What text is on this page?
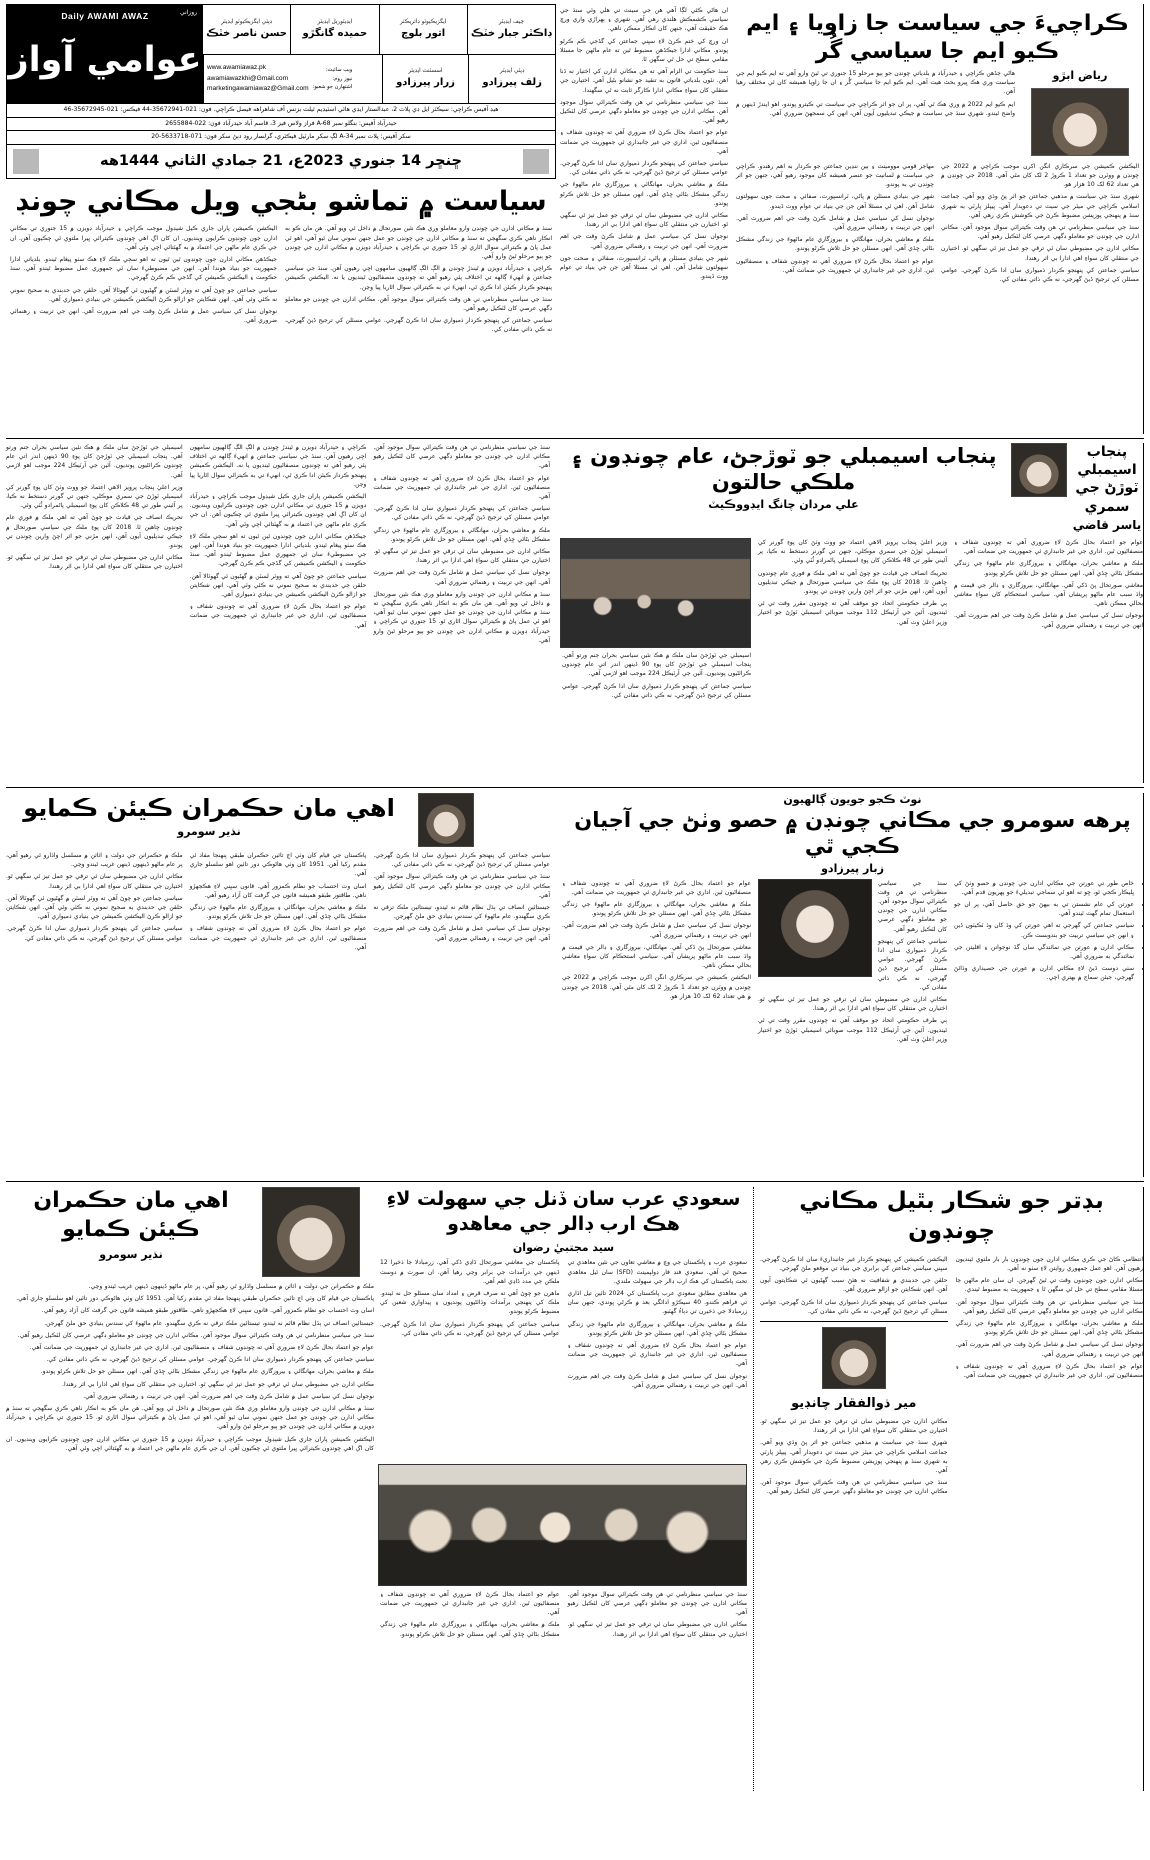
ان هاڻي ڪٿي لڳا آهي هن جي سينٽ تي هلي وئي سنڌ جي سياسي ڪشمڪش هلندي رهي آهي. شهري ۽ ٻهراڙي واري ورڇ هڪ حقيقت آهي، جنهن کان انڪار ممڪن ناهي.

ان ورڇ کي ختم ڪرڻ لاءِ سڀني جماعتن کي گڏجي ڪم ڪرڻو پوندو. مڪاني ادارا جيڪڏهن مضبوط ٿين ته عام ماڻهن جا مسئلا مقامي سطح تي حل ٿي سگهن ٿا.

سنڌ حڪومت تي الزام آهي ته هن مڪاني ادارن کي اختيار نه ڏنا آهن. نئون بلدياتي قانون به تنقيد جو نشانو بڻيل آهي. اختيارن جي منتقلي کان سواءِ مڪاني ادارا ڪارگر ثابت نه ٿي سگهندا.

سنڌ جي سياسي منظرنامي تي هن وقت ڪيترائي سوال موجود آهن. مڪاني ادارن جي چونڊن جو معاملو ڊگهي عرصي کان لٽڪيل رهيو آهي.

عوام جو اعتماد بحال ڪرڻ لاءِ ضروري آهي ته چونڊون شفاف ۽ منصفاڻيون ٿين. اداري جي غير جانبداري ئي جمهوريت جي ضمانت آهي.

سياسي جماعتن کي پنهنجو ڪردار ذميواري سان ادا ڪرڻ گهرجي. عوامي مسئلن کي ترجيح ڏيڻ گهرجي، نه ڪي ذاتي مفادن کي.

ملڪ ۾ معاشي بحران، مهانگائي ۽ بيروزگاري عام ماڻهوءَ جي زندگي مشڪل بڻائي ڇڏي آهي. انهن مسئلن جو حل تلاش ڪرڻو پوندو.

مڪاني ادارن جي مضبوطي سان ئي ترقي جو عمل تيز ٿي سگهي ٿو. اختيارن جي منتقلي کان سواءِ اهي ادارا بي اثر رهندا.

نوجوان نسل کي سياسي عمل ۾ شامل ڪرڻ وقت جي اهم ضرورت آهي. انهن جي تربيت ۽ رهنمائي ضروري آهي.

شهر جي بنيادي مسئلن ۾ پاڻي، ٽرانسپورٽ، صفائي ۽ صحت جون سهولتون شامل آهن. اهي ئي مسئلا آهن جن جي بنياد تي عوام ووٽ ڏيندو.

ڪراچيءَ جي سياست جا زاويا ۽ ايم ڪيو ايم جا سياسي گُر
رياض ابڙو

هاڻي جڏهن ڪراچي ۽ حيدرآباد ۾ بلدياتي چونڊن جو ٻيو مرحلو 15 جنوري تي ٿيڻ وارو آهي ته ايم ڪيو ايم جي سياست وري هڪ ڀيرو بحث هيٺ آهي. ايم ڪيو ايم جا سياسي گُر ۽ ان جا زاويا هميشه کان ئي مختلف رهيا آهن.

ايم ڪيو ايم 2022 ۾ وري هڪ ٿي آهي، پر ان جو اثر ڪراچي جي سياست تي ڪيترو پوندو، اهو ايندڙ ڏينهن ۾ واضح ٿيندو. شهري سنڌ جي سياست ۾ جيڪي تبديليون آيون آهن، انهن کي سمجهڻ ضروري آهي.

اليڪشن ڪميشن جي سرڪاري انگن اکرن موجب ڪراچي ۾ 2022 جي چونڊن ۾ ووٽرن جو تعداد 1 ڪروڙ 2 لک کان مٿي آهي. 2018 جي چونڊن ۾ هي تعداد 62 لک 10 هزار هو.

شهري سنڌ جي سياست ۾ مذهبي جماعتن جو اثر پڻ وڌي ويو آهي. جماعت اسلامي ڪراچي جي ميئر جي سيٽ تي دعويدار آهي. پيپلز پارٽي به شهري سنڌ ۾ پنهنجي پوزيشن مضبوط ڪرڻ جي ڪوشش ڪري رهي آهي.

سنڌ جي سياسي منظرنامي تي هن وقت ڪيترائي سوال موجود آهن. مڪاني ادارن جي چونڊن جو معاملو ڊگهي عرصي کان لٽڪيل رهيو آهي.

مڪاني ادارن جي مضبوطي سان ئي ترقي جو عمل تيز ٿي سگهي ٿو. اختيارن جي منتقلي کان سواءِ اهي ادارا بي اثر رهندا.

سياسي جماعتن کي پنهنجو ڪردار ذميواري سان ادا ڪرڻ گهرجي. عوامي مسئلن کي ترجيح ڏيڻ گهرجي، نه ڪي ذاتي مفادن کي.

مهاجر قومي موومينٽ ۽ ٻين ننڍين جماعتن جو ڪردار به اهم رهندو. ڪراچي جي سياست ۾ لسانيت جو عنصر هميشه کان موجود رهيو آهي، جنهن جو اثر چونڊن تي به پوندو.

شهر جي بنيادي مسئلن ۾ پاڻي، ٽرانسپورٽ، صفائي ۽ صحت جون سهولتون شامل آهن. اهي ئي مسئلا آهن جن جي بنياد تي عوام ووٽ ڏيندو.

نوجوان نسل کي سياسي عمل ۾ شامل ڪرڻ وقت جي اهم ضرورت آهي. انهن جي تربيت ۽ رهنمائي ضروري آهي.

ملڪ ۾ معاشي بحران، مهانگائي ۽ بيروزگاري عام ماڻهوءَ جي زندگي مشڪل بڻائي ڇڏي آهي. انهن مسئلن جو حل تلاش ڪرڻو پوندو.

عوام جو اعتماد بحال ڪرڻ لاءِ ضروري آهي ته چونڊون شفاف ۽ منصفاڻيون ٿين. اداري جي غير جانبداري ئي جمهوريت جي ضمانت آهي.

چيف ايڊيٽر
ڊاڪٽر جبار خٽڪ
ايگزيڪيوٽو ڊائريڪٽر
اتور بلوچ
ايڊيٽوريل ايڊيٽر
حميده گانگڙو
ڊپٽي ايگزيڪيوٽو ايڊيٽر
حسن ناصر خٽڪ
ڊپٽي ايڊيٽر
زلف پيرزادو
اسسٽنٽ ايڊيٽر
زرار پيرزادو
ويب سائيٽ:
نيوز روم:
اشتهارن جو شعبو:
www.awamiawaz.pk
awamiawazkhi@Gmail.com
marketingawamiawaz@Gmail.com
Daily AWAMI AWAZ	روزاني
عوامي آواز
هيڊ آفيس ڪراچي: سيڪٽر ايل ڊي پلاٽ 2، عبدالستار ايڊي هائي اسٽيڊيم ٿيلٽ بزنس آف شاهراهه فيصل ڪراچي. فون: 021-35672941-44 فيڪس: 021-35672945-46
حيدرآباد آفيس: بنگلو نمبر A-68 فراز ولاس فيز 3، قاسم آباد حيدرآباد فون: 022-2655884
سکر آفيس: پلاٽ نمبر A-34 لڳ سکر مارٽيل فيڪٽري، گرلسار روڊ دٻڻ سکر فون: 071-5633718-20
ڇنڇر 14 جنوري 2023ع، 21 جمادي الثاني 1444هه
سياست ۾ تماشو بڻجي ويل مڪاني چونڊ

سنڌ ۾ مڪاني ادارن جي چونڊن وارو معاملو وري هڪ نئين صورتحال ۾ داخل ٿي ويو آهي. هن مان ڪو به انڪار ناهي ڪري سگهجي ته سنڌ ۾ مڪاني ادارن جي چونڊن جو عمل جنهن نموني سان ٿيو آهي، اهو ئي عمل پاڻ ۾ ڪيترائي سوال اٿاري ٿو. 15 جنوري تي ڪراچي ۽ حيدرآباد ڊويزن ۾ مڪاني ادارن جي چونڊن جو ٻيو مرحلو ٿيڻ وارو آهي.

ڪراچي ۽ حيدرآباد ڊويزن ۾ ٿيندڙ چونڊن ۾ الڳ الڳ ڳالهيون سامهون اچي رهيون آهن. سنڌ جي سياسي جماعتن ۾ انهيءَ ڳالهه تي اختلاف پئي رهيو آهي ته چونڊون منصفاڻيون ٿينديون يا نه. اليڪشن ڪميشن پنهنجو ڪردار ڪيئن ادا ڪري ٿي، انهيءَ تي به ڪيترائي سوال اٿاريا پيا وڃن.

سنڌ جي سياسي منظرنامي تي هن وقت ڪيترائي سوال موجود آهن. مڪاني ادارن جي چونڊن جو معاملو ڊگهي عرصي کان لٽڪيل رهيو آهي.

سياسي جماعتن کي پنهنجو ڪردار ذميواري سان ادا ڪرڻ گهرجي. عوامي مسئلن کي ترجيح ڏيڻ گهرجي، نه ڪي ذاتي مفادن کي.

اليڪشن ڪميشن پاران جاري ڪيل شيڊول موجب ڪراچي ۽ حيدرآباد ڊويزن ۾ 15 جنوري تي مڪاني ادارن جون چونڊون ڪرايون وينديون. ان کان اڳ اهي چونڊون ڪيترائي ڀيرا ملتوي ٿي چڪيون آهن. ان جي ڪري عام ماڻهن جي اعتماد ۾ به گهٽتائي اچي وئي آهي.

جيڪڏهن مڪاني ادارن جون چونڊون ٿين ٿيون ته اهو سڄي ملڪ لاءِ هڪ سٺو پيغام ٿيندو. بلدياتي ادارا جمهوريت جو بنياد هوندا آهن. انهن جي مضبوطيءَ سان ئي جمهوري عمل مضبوط ٿيندو آهي. سنڌ حڪومت ۽ اليڪشن ڪميشن کي گڏجي ڪم ڪرڻ گهرجي.

سياسي جماعتن جو چوڻ آهي ته ووٽر لسٽن ۾ گهڻيون ئي گهوٽالا آهن. حلقن جي حدبندي به صحيح نموني نه ڪئي وئي آهي. انهن شڪايتن جو ازالو ڪرڻ اليڪشن ڪميشن جي بنيادي ذميواري آهي.

نوجوان نسل کي سياسي عمل ۾ شامل ڪرڻ وقت جي اهم ضرورت آهي. انهن جي تربيت ۽ رهنمائي ضروري آهي.

پنجاب اسيمبلي ٽوڙڻ جي سمري
ياسر قاضي
پنجاب اسيمبلي جو ٽوڙجڻ، عام چونڊون ۽ ملڪي حالتون
علي مردان چانگ ايڊووڪيٽ

عوام جو اعتماد بحال ڪرڻ لاءِ ضروري آهي ته چونڊون شفاف ۽ منصفاڻيون ٿين. اداري جي غير جانبداري ئي جمهوريت جي ضمانت آهي.

ملڪ ۾ معاشي بحران، مهانگائي ۽ بيروزگاري عام ماڻهوءَ جي زندگي مشڪل بڻائي ڇڏي آهي. انهن مسئلن جو حل تلاش ڪرڻو پوندو.

معاشي صورتحال پڻ ڏکي آهي. مهانگائي، بيروزگاري ۽ ڊالر جي قيمت ۾ واڌ سبب عام ماڻهو پريشان آهي. سياسي استحڪام کان سواءِ معاشي بحالي ممڪن ناهي.

نوجوان نسل کي سياسي عمل ۾ شامل ڪرڻ وقت جي اهم ضرورت آهي. انهن جي تربيت ۽ رهنمائي ضروري آهي.

وزير اعليٰ پنجاب پرويز الاهي اعتماد جو ووٽ وٺڻ کان پوءِ گورنر کي اسيمبلي ٽوڙڻ جي سمري موڪلي، جنهن تي گورنر دستخط نه ڪيا، پر آئيني طور تي 48 ڪلاڪن کان پوءِ اسيمبلي پاڻمرادو ٽُٽي وئي.

تحريڪ انصاف جي قيادت جو چوڻ آهي ته اهي ملڪ ۾ فوري عام چونڊون چاهين ٿا. 2018 کان پوءِ ملڪ جي سياسي صورتحال ۾ جيڪي تبديليون آيون آهن، انهن مڙني جو اثر اچڻ وارين چونڊن تي پوندو.

ٻي طرف حڪومتي اتحاد جو موقف آهي ته چونڊون مقرر وقت تي ئي ٿينديون. آئين جي آرٽيڪل 112 موجب صوبائي اسيمبلي ٽوڙڻ جو اختيار وزير اعليٰ وٽ آهي.

اسيمبلي جي ٽوڙجڻ سان ملڪ ۾ هڪ نئين سياسي بحران جنم ورتو آهي. پنجاب اسيمبلي جي ٽوڙجڻ کان پوءِ 90 ڏينهن اندر اتي عام چونڊون ڪرائڻيون پونديون. آئين جي آرٽيڪل 224 موجب اهو لازمي آهي.

سياسي جماعتن کي پنهنجو ڪردار ذميواري سان ادا ڪرڻ گهرجي. عوامي مسئلن کي ترجيح ڏيڻ گهرجي، نه ڪي ذاتي مفادن کي.

سنڌ جي سياسي منظرنامي تي هن وقت ڪيترائي سوال موجود آهن. مڪاني ادارن جي چونڊن جو معاملو ڊگهي عرصي کان لٽڪيل رهيو آهي.

عوام جو اعتماد بحال ڪرڻ لاءِ ضروري آهي ته چونڊون شفاف ۽ منصفاڻيون ٿين. اداري جي غير جانبداري ئي جمهوريت جي ضمانت آهي.

سياسي جماعتن کي پنهنجو ڪردار ذميواري سان ادا ڪرڻ گهرجي. عوامي مسئلن کي ترجيح ڏيڻ گهرجي، نه ڪي ذاتي مفادن کي.

ملڪ ۾ معاشي بحران، مهانگائي ۽ بيروزگاري عام ماڻهوءَ جي زندگي مشڪل بڻائي ڇڏي آهي. انهن مسئلن جو حل تلاش ڪرڻو پوندو.

مڪاني ادارن جي مضبوطي سان ئي ترقي جو عمل تيز ٿي سگهي ٿو. اختيارن جي منتقلي کان سواءِ اهي ادارا بي اثر رهندا.

نوجوان نسل کي سياسي عمل ۾ شامل ڪرڻ وقت جي اهم ضرورت آهي. انهن جي تربيت ۽ رهنمائي ضروري آهي.

سنڌ ۾ مڪاني ادارن جي چونڊن وارو معاملو وري هڪ نئين صورتحال ۾ داخل ٿي ويو آهي. هن مان ڪو به انڪار ناهي ڪري سگهجي ته سنڌ ۾ مڪاني ادارن جي چونڊن جو عمل جنهن نموني سان ٿيو آهي، اهو ئي عمل پاڻ ۾ ڪيترائي سوال اٿاري ٿو. 15 جنوري تي ڪراچي ۽ حيدرآباد ڊويزن ۾ مڪاني ادارن جي چونڊن جو ٻيو مرحلو ٿيڻ وارو آهي.

ڪراچي ۽ حيدرآباد ڊويزن ۾ ٿيندڙ چونڊن ۾ الڳ الڳ ڳالهيون سامهون اچي رهيون آهن. سنڌ جي سياسي جماعتن ۾ انهيءَ ڳالهه تي اختلاف پئي رهيو آهي ته چونڊون منصفاڻيون ٿينديون يا نه. اليڪشن ڪميشن پنهنجو ڪردار ڪيئن ادا ڪري ٿي، انهيءَ تي به ڪيترائي سوال اٿاريا پيا وڃن.

اليڪشن ڪميشن پاران جاري ڪيل شيڊول موجب ڪراچي ۽ حيدرآباد ڊويزن ۾ 15 جنوري تي مڪاني ادارن جون چونڊون ڪرايون وينديون. ان کان اڳ اهي چونڊون ڪيترائي ڀيرا ملتوي ٿي چڪيون آهن. ان جي ڪري عام ماڻهن جي اعتماد ۾ به گهٽتائي اچي وئي آهي.

جيڪڏهن مڪاني ادارن جون چونڊون ٿين ٿيون ته اهو سڄي ملڪ لاءِ هڪ سٺو پيغام ٿيندو. بلدياتي ادارا جمهوريت جو بنياد هوندا آهن. انهن جي مضبوطيءَ سان ئي جمهوري عمل مضبوط ٿيندو آهي. سنڌ حڪومت ۽ اليڪشن ڪميشن کي گڏجي ڪم ڪرڻ گهرجي.

سياسي جماعتن جو چوڻ آهي ته ووٽر لسٽن ۾ گهڻيون ئي گهوٽالا آهن. حلقن جي حدبندي به صحيح نموني نه ڪئي وئي آهي. انهن شڪايتن جو ازالو ڪرڻ اليڪشن ڪميشن جي بنيادي ذميواري آهي.

عوام جو اعتماد بحال ڪرڻ لاءِ ضروري آهي ته چونڊون شفاف ۽ منصفاڻيون ٿين. اداري جي غير جانبداري ئي جمهوريت جي ضمانت آهي.

اسيمبلي جي ٽوڙجڻ سان ملڪ ۾ هڪ نئين سياسي بحران جنم ورتو آهي. پنجاب اسيمبلي جي ٽوڙجڻ کان پوءِ 90 ڏينهن اندر اتي عام چونڊون ڪرائڻيون پونديون. آئين جي آرٽيڪل 224 موجب اهو لازمي آهي.

وزير اعليٰ پنجاب پرويز الاهي اعتماد جو ووٽ وٺڻ کان پوءِ گورنر کي اسيمبلي ٽوڙڻ جي سمري موڪلي، جنهن تي گورنر دستخط نه ڪيا، پر آئيني طور تي 48 ڪلاڪن کان پوءِ اسيمبلي پاڻمرادو ٽُٽي وئي.

تحريڪ انصاف جي قيادت جو چوڻ آهي ته اهي ملڪ ۾ فوري عام چونڊون چاهين ٿا. 2018 کان پوءِ ملڪ جي سياسي صورتحال ۾ جيڪي تبديليون آيون آهن، انهن مڙني جو اثر اچڻ وارين چونڊن تي پوندو.

مڪاني ادارن جي مضبوطي سان ئي ترقي جو عمل تيز ٿي سگهي ٿو. اختيارن جي منتقلي کان سواءِ اهي ادارا بي اثر رهندا.

نوٽ ڪجو جويون ڳالهيون
پرهه سومرو جي مڪاني چونڊن ۾ حصو وٺڻ جي آجيان ڪجي ٿي
زبار پيرزادو
• خاص طور تي عورتن جي مڪاني ادارن جي چونڊن ۾ حصو وٺڻ کي ڀليڪار ڪجي ٿو، ڇو ته اهو ئي سماجي تبديليءَ جو پهريون قدم آهي.
• عورتن کي عام نشستن تي به بيهڻ جو حق حاصل آهي، پر ان جو استعمال تمام گهٽ ٿيندو آهي.
• سياسي جماعتن کي گهرجي ته اهي عورتن کي وڌ کان وڌ ٽڪيٽون ڏين ۽ انهن جي سياسي تربيت جو بندوبست ڪن.
• مڪاني ادارن ۾ عورتن جي نمائندگي سان گڏ نوجوانن ۽ اقليتن جي نمائندگي به ضروري آهي.
• سٺي دوست ڏيڻ لاءِ مڪاني ادارن ۾ عورتن جي حصيداري وڌائڻ گهرجي، جيئن سماج ۾ بهتري اچي.

سنڌ جي سياسي منظرنامي تي هن وقت ڪيترائي سوال موجود آهن. مڪاني ادارن جي چونڊن جو معاملو ڊگهي عرصي کان لٽڪيل رهيو آهي.

سياسي جماعتن کي پنهنجو ڪردار ذميواري سان ادا ڪرڻ گهرجي. عوامي مسئلن کي ترجيح ڏيڻ گهرجي، نه ڪي ذاتي مفادن کي.

مڪاني ادارن جي مضبوطي سان ئي ترقي جو عمل تيز ٿي سگهي ٿو. اختيارن جي منتقلي کان سواءِ اهي ادارا بي اثر رهندا.

ٻي طرف حڪومتي اتحاد جو موقف آهي ته چونڊون مقرر وقت تي ئي ٿينديون. آئين جي آرٽيڪل 112 موجب صوبائي اسيمبلي ٽوڙڻ جو اختيار وزير اعليٰ وٽ آهي.

عوام جو اعتماد بحال ڪرڻ لاءِ ضروري آهي ته چونڊون شفاف ۽ منصفاڻيون ٿين. اداري جي غير جانبداري ئي جمهوريت جي ضمانت آهي.

ملڪ ۾ معاشي بحران، مهانگائي ۽ بيروزگاري عام ماڻهوءَ جي زندگي مشڪل بڻائي ڇڏي آهي. انهن مسئلن جو حل تلاش ڪرڻو پوندو.

نوجوان نسل کي سياسي عمل ۾ شامل ڪرڻ وقت جي اهم ضرورت آهي. انهن جي تربيت ۽ رهنمائي ضروري آهي.

معاشي صورتحال پڻ ڏکي آهي. مهانگائي، بيروزگاري ۽ ڊالر جي قيمت ۾ واڌ سبب عام ماڻهو پريشان آهي. سياسي استحڪام کان سواءِ معاشي بحالي ممڪن ناهي.

اليڪشن ڪميشن جي سرڪاري انگن اکرن موجب ڪراچي ۾ 2022 جي چونڊن ۾ ووٽرن جو تعداد 1 ڪروڙ 2 لک کان مٿي آهي. 2018 جي چونڊن ۾ هي تعداد 62 لک 10 هزار هو.

اهي مان حڪمران ڪيئن ڪمايو
نذير سومرو

سياسي جماعتن کي پنهنجو ڪردار ذميواري سان ادا ڪرڻ گهرجي. عوامي مسئلن کي ترجيح ڏيڻ گهرجي، نه ڪي ذاتي مفادن کي.

سنڌ جي سياسي منظرنامي تي هن وقت ڪيترائي سوال موجود آهن. مڪاني ادارن جي چونڊن جو معاملو ڊگهي عرصي کان لٽڪيل رهيو آهي.

جيستائين انصاف تي ٻڌل نظام قائم نه ٿيندو، تيستائين ملڪ ترقي نه ڪري سگهندو. عام ماڻهوءَ کي سندس بنيادي حق ملڻ گهرجن.

نوجوان نسل کي سياسي عمل ۾ شامل ڪرڻ وقت جي اهم ضرورت آهي. انهن جي تربيت ۽ رهنمائي ضروري آهي.

پاڪستان جي قيام کان وٺي اڄ تائين حڪمران طبقي پنهنجا مفاد ئي مقدم رکيا آهن. 1951 کان وٺي هاڻوڪي دور تائين اهو سلسلو جاري آهي.

اسان وٽ احتساب جو نظام ڪمزور آهي. قانون سڀني لاءِ هڪجهڙو ناهي. طاقتور طبقو هميشه قانون جي گرفت کان آزاد رهيو آهي.

ملڪ ۾ معاشي بحران، مهانگائي ۽ بيروزگاري عام ماڻهوءَ جي زندگي مشڪل بڻائي ڇڏي آهي. انهن مسئلن جو حل تلاش ڪرڻو پوندو.

عوام جو اعتماد بحال ڪرڻ لاءِ ضروري آهي ته چونڊون شفاف ۽ منصفاڻيون ٿين. اداري جي غير جانبداري ئي جمهوريت جي ضمانت آهي.

ملڪ ۾ حڪمرانن جي دولت ۽ اثاثن ۾ مسلسل واڌارو ٿي رهيو آهي، پر عام ماڻهو ڏينهون ڏينهن غريب ٿيندو وڃي.

مڪاني ادارن جي مضبوطي سان ئي ترقي جو عمل تيز ٿي سگهي ٿو. اختيارن جي منتقلي کان سواءِ اهي ادارا بي اثر رهندا.

سياسي جماعتن جو چوڻ آهي ته ووٽر لسٽن ۾ گهڻيون ئي گهوٽالا آهن. حلقن جي حدبندي به صحيح نموني نه ڪئي وئي آهي. انهن شڪايتن جو ازالو ڪرڻ اليڪشن ڪميشن جي بنيادي ذميواري آهي.

سياسي جماعتن کي پنهنجو ڪردار ذميواري سان ادا ڪرڻ گهرجي. عوامي مسئلن کي ترجيح ڏيڻ گهرجي، نه ڪي ذاتي مفادن کي.

بڊتر جو شڪار بٿيل مڪاني چونڊون

انتظامي ڪاڻ جي ڪري مڪاني ادارن جون چونڊون بار بار ملتوي ٿينديون رهيون آهن. اهو عمل جمهوري روايتن لاءِ سٺو نه آهي.

مڪاني ادارن جون چونڊون وقت تي ٿيڻ گهرجن. ان سان عام ماڻهن جا مسئلا مقامي سطح تي حل ٿي سگهن ٿا ۽ جمهوريت به مضبوط ٿيندي.

سنڌ جي سياسي منظرنامي تي هن وقت ڪيترائي سوال موجود آهن. مڪاني ادارن جي چونڊن جو معاملو ڊگهي عرصي کان لٽڪيل رهيو آهي.

ملڪ ۾ معاشي بحران، مهانگائي ۽ بيروزگاري عام ماڻهوءَ جي زندگي مشڪل بڻائي ڇڏي آهي. انهن مسئلن جو حل تلاش ڪرڻو پوندو.

نوجوان نسل کي سياسي عمل ۾ شامل ڪرڻ وقت جي اهم ضرورت آهي. انهن جي تربيت ۽ رهنمائي ضروري آهي.

عوام جو اعتماد بحال ڪرڻ لاءِ ضروري آهي ته چونڊون شفاف ۽ منصفاڻيون ٿين. اداري جي غير جانبداري ئي جمهوريت جي ضمانت آهي.

اليڪشن ڪميشن کي پنهنجو ڪردار غير جانبداريءَ سان ادا ڪرڻ گهرجي. سڀني سياسي جماعتن کي برابري جي بنياد تي موقعو ملڻ گهرجي.

حلقن جي حدبندي ۾ شفافيت نه هئڻ سبب گهڻيون ئي شڪايتون آيون آهن. انهن شڪايتن جو ازالو ضروري آهي.

سياسي جماعتن کي پنهنجو ڪردار ذميواري سان ادا ڪرڻ گهرجي. عوامي مسئلن کي ترجيح ڏيڻ گهرجي، نه ڪي ذاتي مفادن کي.

مير ذوالفقار چانڊيو

مڪاني ادارن جي مضبوطي سان ئي ترقي جو عمل تيز ٿي سگهي ٿو. اختيارن جي منتقلي کان سواءِ اهي ادارا بي اثر رهندا.

شهري سنڌ جي سياست ۾ مذهبي جماعتن جو اثر پڻ وڌي ويو آهي. جماعت اسلامي ڪراچي جي ميئر جي سيٽ تي دعويدار آهي. پيپلز پارٽي به شهري سنڌ ۾ پنهنجي پوزيشن مضبوط ڪرڻ جي ڪوشش ڪري رهي آهي.

سنڌ جي سياسي منظرنامي تي هن وقت ڪيترائي سوال موجود آهن. مڪاني ادارن جي چونڊن جو معاملو ڊگهي عرصي کان لٽڪيل رهيو آهي.

سعودي عرب سان ڏنل جي سهولت لاءِ هڪ ارب ڊالر جي معاهدو
سيد مجتبيٰ رضوان

سعودي عرب ۽ پاڪستان جي وچ ۾ معاشي تعاون جي نئين معاهدي تي صحيح ٿي آهي. سعودي فنڊ فار ڊولپمينٽ (SFD) سان ٿيل معاهدي تحت پاڪستان کي هڪ ارب ڊالر جي سهولت ملندي.

هن معاهدي مطابق سعودي عرب پاڪستان کي 2024 تائين تيل اڌاري تي فراهم ڪندو. 40 سيڪڙو ادائگي بعد ۾ ڪرڻي پوندي، جنهن سان زرمبادلا جي ذخيرن تي دٻاءُ گهٽبو.

ملڪ ۾ معاشي بحران، مهانگائي ۽ بيروزگاري عام ماڻهوءَ جي زندگي مشڪل بڻائي ڇڏي آهي. انهن مسئلن جو حل تلاش ڪرڻو پوندو.

عوام جو اعتماد بحال ڪرڻ لاءِ ضروري آهي ته چونڊون شفاف ۽ منصفاڻيون ٿين. اداري جي غير جانبداري ئي جمهوريت جي ضمانت آهي.

نوجوان نسل کي سياسي عمل ۾ شامل ڪرڻ وقت جي اهم ضرورت آهي. انهن جي تربيت ۽ رهنمائي ضروري آهي.

پاڪستان جي معاشي صورتحال ڏاڍي ڏکي آهي. زرمبادلا جا ذخيرا 12 ڏينهن جي درآمدات جي برابر وڃي رهيا آهن. ان صورت ۾ دوست ملڪن جي مدد ڏاڍي اهم آهي.

ماهرن جو چوڻ آهي ته صرف قرض ۽ امداد سان مسئلو حل نه ٿيندو. ملڪ کي پنهنجي برآمدات وڌائڻيون پونديون ۽ پيداواري شعبن کي مضبوط ڪرڻو پوندو.

سياسي جماعتن کي پنهنجو ڪردار ذميواري سان ادا ڪرڻ گهرجي. عوامي مسئلن کي ترجيح ڏيڻ گهرجي، نه ڪي ذاتي مفادن کي.

سنڌ جي سياسي منظرنامي تي هن وقت ڪيترائي سوال موجود آهن. مڪاني ادارن جي چونڊن جو معاملو ڊگهي عرصي کان لٽڪيل رهيو آهي.

مڪاني ادارن جي مضبوطي سان ئي ترقي جو عمل تيز ٿي سگهي ٿو. اختيارن جي منتقلي کان سواءِ اهي ادارا بي اثر رهندا.

عوام جو اعتماد بحال ڪرڻ لاءِ ضروري آهي ته چونڊون شفاف ۽ منصفاڻيون ٿين. اداري جي غير جانبداري ئي جمهوريت جي ضمانت آهي.

ملڪ ۾ معاشي بحران، مهانگائي ۽ بيروزگاري عام ماڻهوءَ جي زندگي مشڪل بڻائي ڇڏي آهي. انهن مسئلن جو حل تلاش ڪرڻو پوندو.

اهي مان حڪمران ڪيئن ڪمايو
نذير سومرو

ملڪ ۾ حڪمرانن جي دولت ۽ اثاثن ۾ مسلسل واڌارو ٿي رهيو آهي، پر عام ماڻهو ڏينهون ڏينهن غريب ٿيندو وڃي.

پاڪستان جي قيام کان وٺي اڄ تائين حڪمران طبقي پنهنجا مفاد ئي مقدم رکيا آهن. 1951 کان وٺي هاڻوڪي دور تائين اهو سلسلو جاري آهي.

اسان وٽ احتساب جو نظام ڪمزور آهي. قانون سڀني لاءِ هڪجهڙو ناهي. طاقتور طبقو هميشه قانون جي گرفت کان آزاد رهيو آهي.

جيستائين انصاف تي ٻڌل نظام قائم نه ٿيندو، تيستائين ملڪ ترقي نه ڪري سگهندو. عام ماڻهوءَ کي سندس بنيادي حق ملڻ گهرجن.

سنڌ جي سياسي منظرنامي تي هن وقت ڪيترائي سوال موجود آهن. مڪاني ادارن جي چونڊن جو معاملو ڊگهي عرصي کان لٽڪيل رهيو آهي.

عوام جو اعتماد بحال ڪرڻ لاءِ ضروري آهي ته چونڊون شفاف ۽ منصفاڻيون ٿين. اداري جي غير جانبداري ئي جمهوريت جي ضمانت آهي.

سياسي جماعتن کي پنهنجو ڪردار ذميواري سان ادا ڪرڻ گهرجي. عوامي مسئلن کي ترجيح ڏيڻ گهرجي، نه ڪي ذاتي مفادن کي.

ملڪ ۾ معاشي بحران، مهانگائي ۽ بيروزگاري عام ماڻهوءَ جي زندگي مشڪل بڻائي ڇڏي آهي. انهن مسئلن جو حل تلاش ڪرڻو پوندو.

مڪاني ادارن جي مضبوطي سان ئي ترقي جو عمل تيز ٿي سگهي ٿو. اختيارن جي منتقلي کان سواءِ اهي ادارا بي اثر رهندا.

نوجوان نسل کي سياسي عمل ۾ شامل ڪرڻ وقت جي اهم ضرورت آهي. انهن جي تربيت ۽ رهنمائي ضروري آهي.

سنڌ ۾ مڪاني ادارن جي چونڊن وارو معاملو وري هڪ نئين صورتحال ۾ داخل ٿي ويو آهي. هن مان ڪو به انڪار ناهي ڪري سگهجي ته سنڌ ۾ مڪاني ادارن جي چونڊن جو عمل جنهن نموني سان ٿيو آهي، اهو ئي عمل پاڻ ۾ ڪيترائي سوال اٿاري ٿو. 15 جنوري تي ڪراچي ۽ حيدرآباد ڊويزن ۾ مڪاني ادارن جي چونڊن جو ٻيو مرحلو ٿيڻ وارو آهي.

اليڪشن ڪميشن پاران جاري ڪيل شيڊول موجب ڪراچي ۽ حيدرآباد ڊويزن ۾ 15 جنوري تي مڪاني ادارن جون چونڊون ڪرايون وينديون. ان کان اڳ اهي چونڊون ڪيترائي ڀيرا ملتوي ٿي چڪيون آهن. ان جي ڪري عام ماڻهن جي اعتماد ۾ به گهٽتائي اچي وئي آهي.
